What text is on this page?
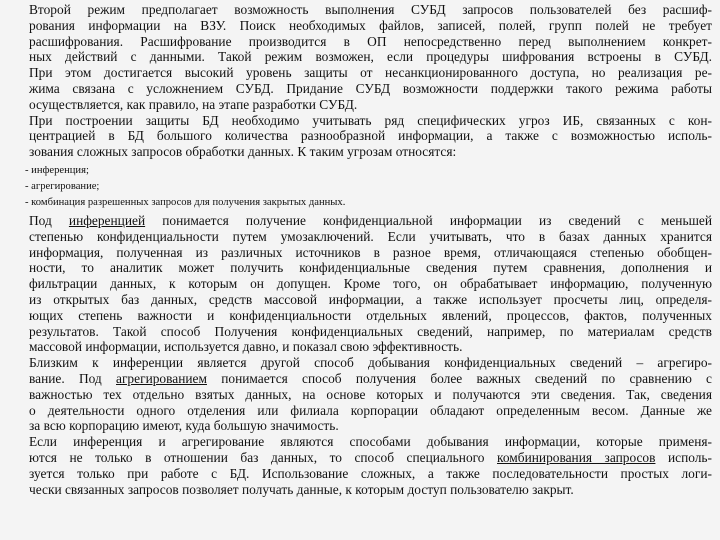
Второй режим предполагает возможность выполнения СУБД запросов пользователей без расшиф-
рования информации на ВЗУ. Поиск необходимых файлов, записей, полей, групп полей не требует
расшифрования. Расшифрование производится в ОП непосредственно перед выполнением конкрет-
ных действий с данными. Такой режим возможен, если процедуры шифрования встроены в СУБД.
При этом достигается высокий уровень защиты от несанкционированного доступа, но реализация ре-
жима связана с усложнением СУБД. Придание СУБД возможности поддержки такого режима работы
осуществляется, как правило, на этапе разработки СУБД.

При построении защиты БД необходимо учитывать ряд специфических угроз ИБ, связанных с кон-
центрацией в БД большого количества разнообразной информации, а также с возможностью исполь-
зования сложных запросов обработки данных. К таким угрозам относятся:

- инференция;
- агрегирование;
- комбинация разрешенных запросов для получения закрытых данных.

Под инференцией понимается получение конфиденциальной информации из сведений с меньшей
степенью конфиденциальности путем умозаключений. Если учитывать, что в базах данных хранится
информация, полученная из различных источников в разное время, отличающаяся степенью обобщен-
ности, то аналитик может получить конфиденциальные сведения путем сравнения, дополнения и
фильтрации данных, к которым он допущен. Кроме того, он обрабатывает информацию, полученную
из открытых баз данных, средств массовой информации, а также использует просчеты лиц, определя-
ющих степень важности и конфиденциальности отдельных явлений, процессов, фактов, полученных
результатов. Такой способ Получения конфиденциальных сведений, например, по материалам средств
массовой информации, используется давно, и показал свою эффективность.

Близким к инференции является другой способ добывания конфиденциальных сведений – агрегиро-
вание. Под агрегированием понимается способ получения более важных сведений по сравнению с
важностью тех отдельно взятых данных, на основе которых и получаются эти сведения. Так, сведения
о деятельности одного отделения или филиала корпорации обладают определенным весом. Данные же
за всю корпорацию имеют, куда большую значимость.

Если инференция и агрегирование являются способами добывания информации, которые применя-
ются не только в отношении баз данных, то способ специального комбинирования запросов исполь-
зуется только при работе с БД. Использование сложных, а также последовательности простых логи-
чески связанных запросов позволяет получать данные, к которым доступ пользователю закрыт.
